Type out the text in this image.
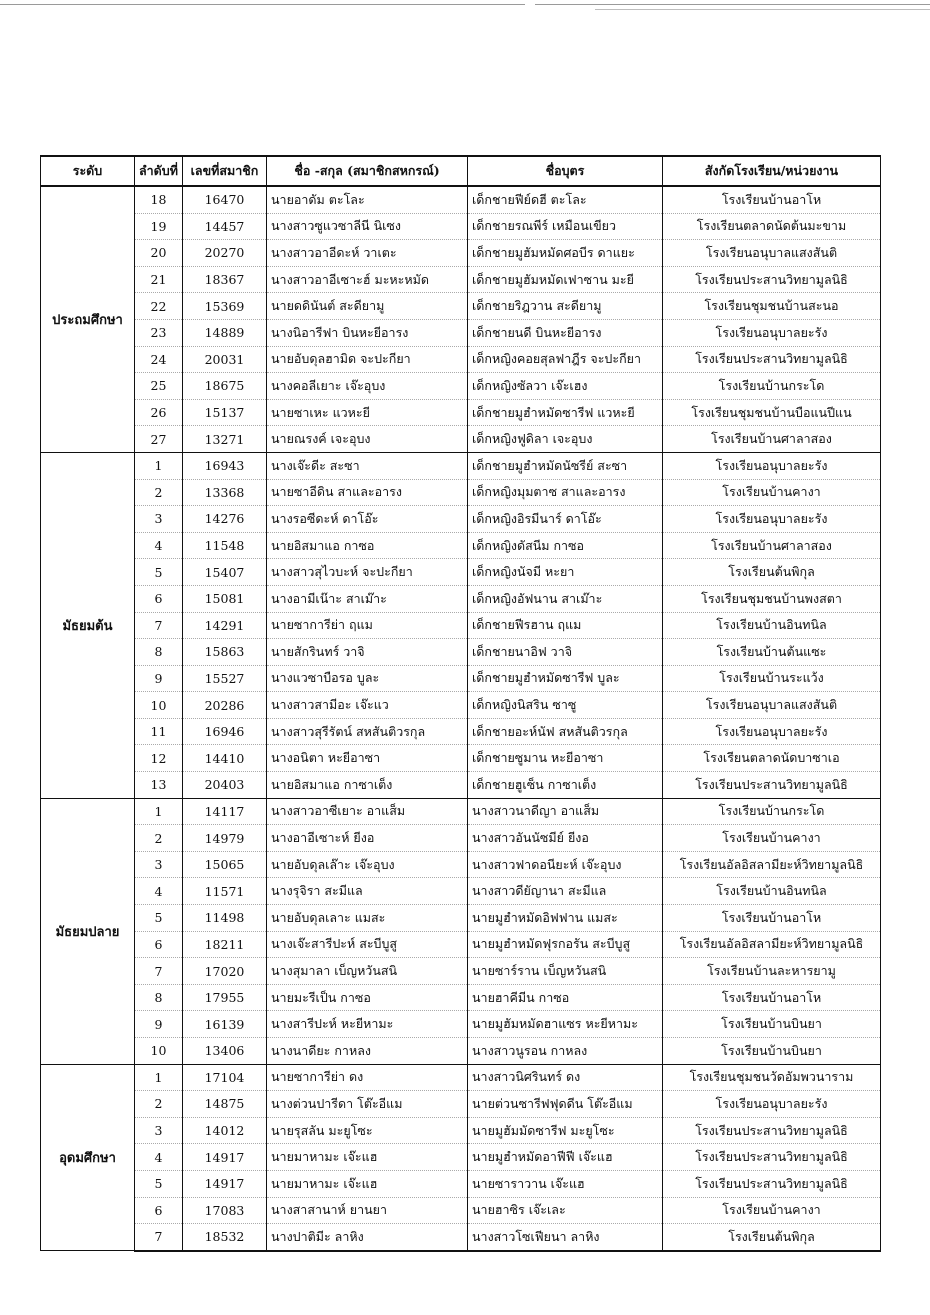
ระดับ	ลำดับที่	เลขที่สมาชิก	ชื่อ -สกุล (สมาชิกสหกรณ์)	ชื่อบุตร	สังกัดโรงเรียน/หน่วยงาน
ประถมศึกษา	18	16470	นายอาดัม ตะโละ	เด็กชายฟีย์ดฮี ตะโละ	โรงเรียนบ้านอาโห
	19	14457	นางสาวซูแวซาลีนี นิเซง	เด็กชายรณพีร์ เหมือนเขียว	โรงเรียนตลาดนัดต้นมะขาม
	20	20270	นางสาวอาอีดะห์ วาเตะ	เด็กชายมูฮัมหมัดศอบีร ดาแยะ	โรงเรียนอนุบาลแสงสันติ
	21	18367	นางสาวอาอีเซาะฮ์ มะหะหมัด	เด็กชายมูฮัมหมัดเฟาซาน มะยี	โรงเรียนประสานวิทยามูลนิธิ
	22	15369	นายดดินันต์ สะดียามู	เด็กชายริฎวาน สะดียามู	โรงเรียนชุมชนบ้านสะนอ
	23	14889	นางนิอารีฟา บินหะยีอารง	เด็กชายนดี บินหะยีอารง	โรงเรียนอนุบาลยะรัง
	24	20031	นายอับดุลฮามิด จะปะกียา	เด็กหญิงคอยสุลฟาฎีร จะปะกียา	โรงเรียนประสานวิทยามูลนิธิ
	25	18675	นางคอลีเยาะ เจ๊ะอุบง	เด็กหญิงซัลวา เจ๊ะเฮง	โรงเรียนบ้านกระโด
	26	15137	นายซาเหะ แวหะยี	เด็กชายมูฮำหมัดซารีฟ แวหะยี	โรงเรียนชุมชนบ้านบือแนปีแน
	27	13271	นายณรงค์ เจะอุบง	เด็กหญิงฟูดิลา เจะอุบง	โรงเรียนบ้านศาลาสอง
มัธยมต้น	1	16943	นางเจ๊ะดีะ สะซา	เด็กชายมูฮำหมัดนัซรีย์ สะซา	โรงเรียนอนุบาลยะรัง
	2	13368	นายซาอีดิน สาและอารง	เด็กหญิงมุมตาซ สาและอารง	โรงเรียนบ้านคางา
	3	14276	นางรอซีดะห์ ดาโอ๊ะ	เด็กหญิงอิรมีนาร์ ดาโอ๊ะ	โรงเรียนอนุบาลยะรัง
	4	11548	นายอิสมาแอ กาซอ	เด็กหญิงดัสนีม กาซอ	โรงเรียนบ้านศาลาสอง
	5	15407	นางสาวสุไวบะห์ จะปะกียา	เด็กหญิงนัจมี หะยา	โรงเรียนต้นพิกุล
	6	15081	นางอามีเน๊าะ สาเม๊าะ	เด็กหญิงอัฟนาน สาเม๊าะ	โรงเรียนชุมชนบ้านพงสตา
	7	14291	นายซาการีย่า ฤแม	เด็กชายฟีรฮาน ฤแม	โรงเรียนบ้านอินทนิล
	8	15863	นายสักรินทร์ วาจิ	เด็กชายนาอิฟ วาจิ	โรงเรียนบ้านต้นแซะ
	9	15527	นางแวซาบือรอ บูละ	เด็กชายมูฮำหมัดซารีฟ บูละ	โรงเรียนบ้านระแว้ง
	10	20286	นางสาวสามีอะ เจ๊ะแว	เด็กหญิงนิสริน ซาซู	โรงเรียนอนุบาลแสงสันติ
	11	16946	นางสาวสุรีรัตน์ สหสันติวรกุล	เด็กชายอะห์นัฟ สหสันติวรกุล	โรงเรียนอนุบาลยะรัง
	12	14410	นางอนิตา หะยีอาซา	เด็กชายซูมาน หะยีอาซา	โรงเรียนตลาดนัดบาซาเอ
	13	20403	นายอิสมาแอ กาซาเต็ง	เด็กชายฮูเซ็น กาซาเต็ง	โรงเรียนประสานวิทยามูลนิธิ
มัธยมปลาย	1	14117	นางสาวอาซีเยาะ อาแส็ม	นางสาวนาดีญา อาแส็ม	โรงเรียนบ้านกระโด
	2	14979	นางอาอีเซาะห์ ยีงอ	นางสาวอันนัซมีย์ ยีงอ	โรงเรียนบ้านคางา
	3	15065	นายอับดุลเล๊าะ เจ๊ะอุบง	นางสาวฟาดอนียะห์ เจ๊ะอุบง	โรงเรียนอัลอิสลามียะห์วิทยามูลนิธิ
	4	11571	นางรุจิรา สะมีแล	นางสาวดียัญานา สะมีแล	โรงเรียนบ้านอินทนิล
	5	11498	นายอับดุลเลาะ แมสะ	นายมูฮำหมัดอิฟฟาน แมสะ	โรงเรียนบ้านอาโห
	6	18211	นางเจ๊ะสารีปะห์ สะบีบูสู	นายมูฮำหมัดฟุรกอรัน สะบีบูสู	โรงเรียนอัลอิสลามียะห์วิทยามูลนิธิ
	7	17020	นางสุมาลา เบ็ญหวันสนิ	นายซาร์ราน เบ็ญหวันสนิ	โรงเรียนบ้านละหารยามู
	8	17955	นายมะรีเป็น กาซอ	นายฮาคีมีน กาซอ	โรงเรียนบ้านอาโห
	9	16139	นางสารีปะห์ หะยีหามะ	นายมูฮัมหมัดฮาแซร หะยีหามะ	โรงเรียนบ้านบินยา
	10	13406	นางนาดียะ กาหลง	นางสาวนูรอน กาหลง	โรงเรียนบ้านบินยา
อุดมศึกษา	1	17104	นายซาการีย่า ดง	นางสาวนิศรินทร์ ดง	โรงเรียนชุมชนวัดอัมพวนาราม
	2	14875	นางต่วนปารีดา โต๊ะอีแม	นายต่วนซารีฟฟุดดีน โต๊ะอีแม	โรงเรียนอนุบาลยะรัง
	3	14012	นายรุสลัน มะยูโซะ	นายมูฮัมมัดซารีฟ มะยูโซะ	โรงเรียนประสานวิทยามูลนิธิ
	4	14917	นายมาหามะ เจ๊ะแฮ	นายมูฮำหมัดอาฟีฟี เจ๊ะแฮ	โรงเรียนประสานวิทยามูลนิธิ
	5	14917	นายมาหามะ เจ๊ะแฮ	นายซาราวาน เจ๊ะแฮ	โรงเรียนประสานวิทยามูลนิธิ
	6	17083	นางสาสานาห์ ยานยา	นายฮาซิร เจ๊ะเละ	โรงเรียนบ้านคางา
	7	18532	นางปาติมีะ ลาหิง	นางสาวโซเฟียนา ลาหิง	โรงเรียนต้นพิกุล
